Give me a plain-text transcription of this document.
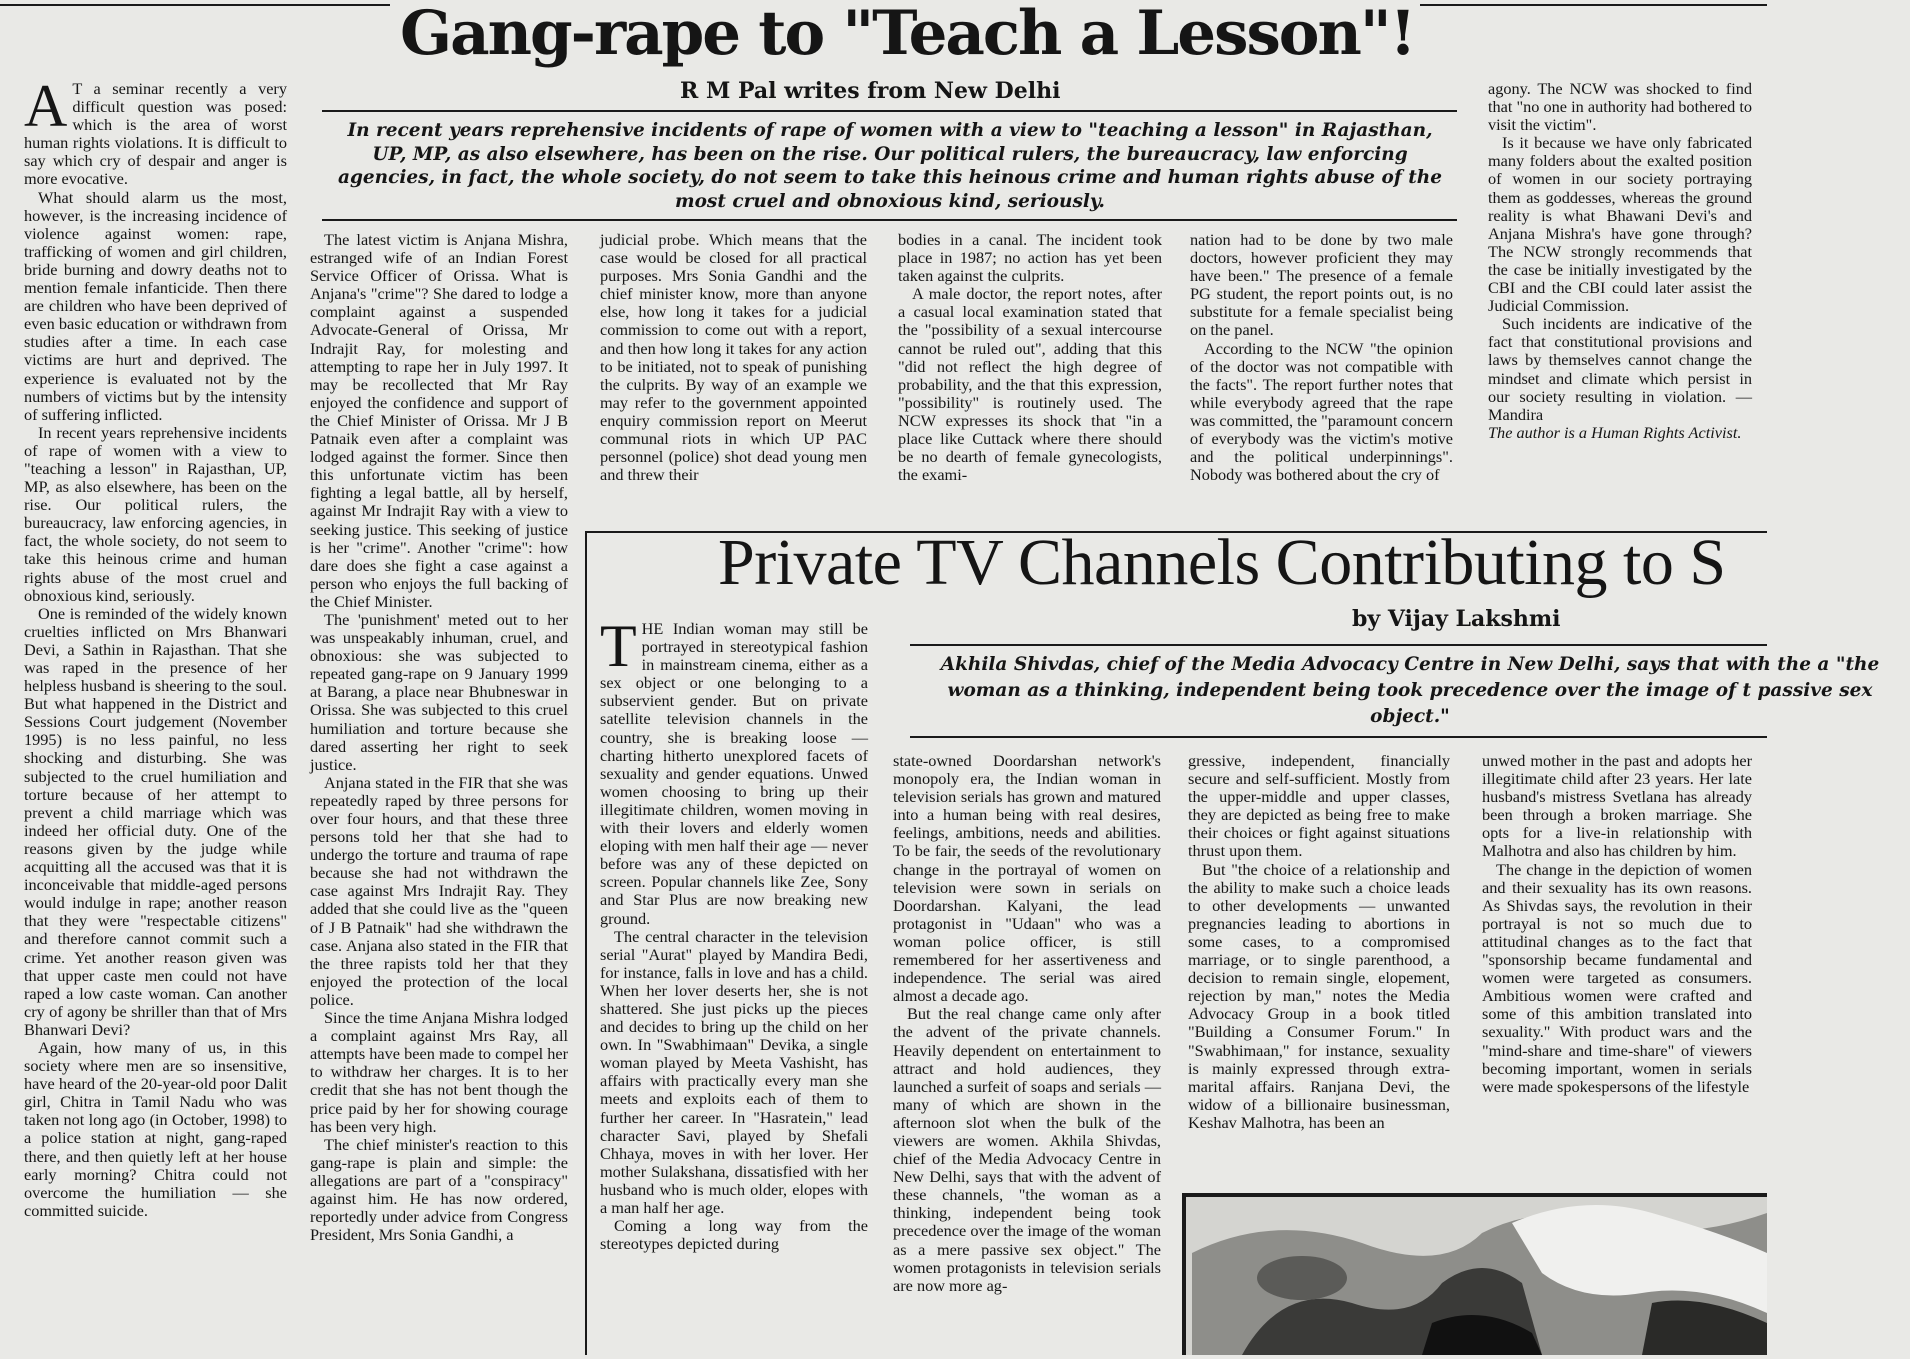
Gang-rape to "Teach a Lesson"!
R M Pal writes from New Delhi
In recent years reprehensive incidents of rape of women with a view to "teaching a lesson" in Rajasthan, UP, MP, as also elsewhere, has been on the rise. Our political rulers, the bureaucracy, law enforcing agencies, in fact, the whole society, do not seem to take this heinous crime and human rights abuse of the most cruel and obnoxious kind, seriously.
A T a seminar recently a very difficult question was posed: which is the area of worst human rights violations. It is difficult to say which cry of despair and anger is more evocative.

What should alarm us the most, however, is the increasing incidence of violence against women: rape, trafficking of women and girl children, bride burning and dowry deaths not to mention female infanticide. Then there are children who have been deprived of even basic education or withdrawn from studies after a time. In each case victims are hurt and deprived. The experience is evaluated not by the numbers of victims but by the intensity of suffering inflicted.

In recent years reprehensive incidents of rape of women with a view to "teaching a lesson" in Rajasthan, UP, MP, as also elsewhere, has been on the rise. Our political rulers, the bureaucracy, law enforcing agencies, in fact, the whole society, do not seem to take this heinous crime and human rights abuse of the most cruel and obnoxious kind, seriously.

One is reminded of the widely known cruelties inflicted on Mrs Bhanwari Devi, a Sathin in Rajasthan. That she was raped in the presence of her helpless husband is sheering to the soul. But what happened in the District and Sessions Court judgement (November 1995) is no less painful, no less shocking and disturbing. She was subjected to the cruel humiliation and torture because of her attempt to prevent a child marriage which was indeed her official duty. One of the reasons given by the judge while acquitting all the accused was that it is inconceivable that middle-aged persons would indulge in rape; another reason that they were "respectable citizens" and therefore cannot commit such a crime. Yet another reason given was that upper caste men could not have raped a low caste woman. Can another cry of agony be shriller than that of Mrs Bhanwari Devi?

Again, how many of us, in this society where men are so insensitive, have heard of the 20-year-old poor Dalit girl, Chitra in Tamil Nadu who was taken not long ago (in October, 1998) to a police station at night, gang-raped there, and then quietly left at her house early morning? Chitra could not overcome the humiliation — she committed suicide.

The latest victim is Anjana Mishra, estranged wife of an Indian Forest Service Officer of Orissa. What is Anjana's "crime"? She dared to lodge a complaint against a suspended Advocate-General of Orissa, Mr Indrajit Ray, for molesting and attempting to rape her in July 1997. It may be recollected that Mr Ray enjoyed the confidence and support of the Chief Minister of Orissa. Mr J B Patnaik even after a complaint was lodged against the former. Since then this unfortunate victim has been fighting a legal battle, all by herself, against Mr Indrajit Ray with a view to seeking justice. This seeking of justice is her "crime". Another "crime": how dare does she fight a case against a person who enjoys the full backing of the Chief Minister.

The 'punishment' meted out to her was unspeakably inhuman, cruel, and obnoxious: she was subjected to repeated gang-rape on 9 January 1999 at Barang, a place near Bhubneswar in Orissa. She was subjected to this cruel humiliation and torture because she dared asserting her right to seek justice.

Anjana stated in the FIR that she was repeatedly raped by three persons for over four hours, and that these three persons told her that she had to undergo the torture and trauma of rape because she had not withdrawn the case against Mrs Indrajit Ray. They added that she could live as the "queen of J B Patnaik" had she withdrawn the case. Anjana also stated in the FIR that the three rapists told her that they enjoyed the protection of the local police.

Since the time Anjana Mishra lodged a complaint against Mrs Ray, all attempts have been made to compel her to withdraw her charges. It is to her credit that she has not bent though the price paid by her for showing courage has been very high.

The chief minister's reaction to this gang-rape is plain and simple: the allegations are part of a "conspiracy" against him. He has now ordered, reportedly under advice from Congress President, Mrs Sonia Gandhi, a

judicial probe. Which means that the case would be closed for all practical purposes. Mrs Sonia Gandhi and the chief minister know, more than anyone else, how long it takes for a judicial commission to come out with a report, and then how long it takes for any action to be initiated, not to speak of punishing the culprits. By way of an example we may refer to the government appointed enquiry commission report on Meerut communal riots in which UP PAC personnel (police) shot dead young men and threw their

bodies in a canal. The incident took place in 1987; no action has yet been taken against the culprits.

A male doctor, the report notes, after a casual local examination stated that the "possibility of a sexual intercourse cannot be ruled out", adding that this "did not reflect the high degree of probability, and the that this expression, "possibility" is routinely used. The NCW expresses its shock that "in a place like Cuttack where there should be no dearth of female gynecologists, the exami-

nation had to be done by two male doctors, however proficient they may have been." The presence of a female PG student, the report points out, is no substitute for a female specialist being on the panel.

According to the NCW "the opinion of the doctor was not compatible with the facts". The report further notes that while everybody agreed that the rape was committed, the "paramount concern of everybody was the victim's motive and the political underpinnings". Nobody was bothered about the cry of

agony. The NCW was shocked to find that "no one in authority had bothered to visit the victim".

Is it because we have only fabricated many folders about the exalted position of women in our society portraying them as goddesses, whereas the ground reality is what Bhawani Devi's and Anjana Mishra's have gone through? The NCW strongly recommends that the case be initially investigated by the CBI and the CBI could later assist the Judicial Commission.

Such incidents are indicative of the fact that constitutional provisions and laws by themselves cannot change the mindset and climate which persist in our society resulting in violation. — Mandira

The author is a Human Rights Activist.

Private TV Channels Contributing to S
by Vijay Lakshmi
Akhila Shivdas, chief of the Media Advocacy Centre in New Delhi, says that with the a "the woman as a thinking, independent being took precedence over the image of t passive sex object."
T HE Indian woman may still be portrayed in stereotypical fashion in mainstream cinema, either as a sex object or one belonging to a subservient gender. But on private satellite television channels in the country, she is breaking loose — charting hitherto unexplored facets of sexuality and gender equations. Unwed women choosing to bring up their illegitimate children, women moving in with their lovers and elderly women eloping with men half their age — never before was any of these depicted on screen. Popular channels like Zee, Sony and Star Plus are now breaking new ground.

The central character in the television serial "Aurat" played by Mandira Bedi, for instance, falls in love and has a child. When her lover deserts her, she is not shattered. She just picks up the pieces and decides to bring up the child on her own. In "Swabhimaan" Devika, a single woman played by Meeta Vashisht, has affairs with practically every man she meets and exploits each of them to further her career. In "Hasratein," lead character Savi, played by Shefali Chhaya, moves in with her lover. Her mother Sulakshana, dissatisfied with her husband who is much older, elopes with a man half her age.

Coming a long way from the stereotypes depicted during

state-owned Doordarshan network's monopoly era, the Indian woman in television serials has grown and matured into a human being with real desires, feelings, ambitions, needs and abilities. To be fair, the seeds of the revolutionary change in the portrayal of women on television were sown in serials on Doordarshan. Kalyani, the lead protagonist in "Udaan" who was a woman police officer, is still remembered for her assertiveness and independence. The serial was aired almost a decade ago.

But the real change came only after the advent of the private channels. Heavily dependent on entertainment to attract and hold audiences, they launched a surfeit of soaps and serials — many of which are shown in the afternoon slot when the bulk of the viewers are women. Akhila Shivdas, chief of the Media Advocacy Centre in New Delhi, says that with the advent of these channels, "the woman as a thinking, independent being took precedence over the image of the woman as a mere passive sex object." The women protagonists in television serials are now more ag-

gressive, independent, financially secure and self-sufficient. Mostly from the upper-middle and upper classes, they are depicted as being free to make their choices or fight against situations thrust upon them.

But "the choice of a relationship and the ability to make such a choice leads to other developments — unwanted pregnancies leading to abortions in some cases, to a compromised marriage, or to single parenthood, a decision to remain single, elopement, rejection by man," notes the Media Advocacy Group in a book titled "Building a Consumer Forum." In "Swabhimaan," for instance, sexuality is mainly expressed through extra-marital affairs. Ranjana Devi, the widow of a billionaire businessman, Keshav Malhotra, has been an

unwed mother in the past and adopts her illegitimate child after 23 years. Her late husband's mistress Svetlana has already been through a broken marriage. She opts for a live-in relationship with Malhotra and also has children by him.

The change in the depiction of women and their sexuality has its own reasons. As Shivdas says, the revolution in their portrayal is not so much due to attitudinal changes as to the fact that "sponsorship became fundamental and women were targeted as consumers. Ambitious women were crafted and some of this ambition translated into sexuality." With product wars and the "mind-share and time-share" of viewers becoming important, women in serials were made spokespersons of the lifestyle
